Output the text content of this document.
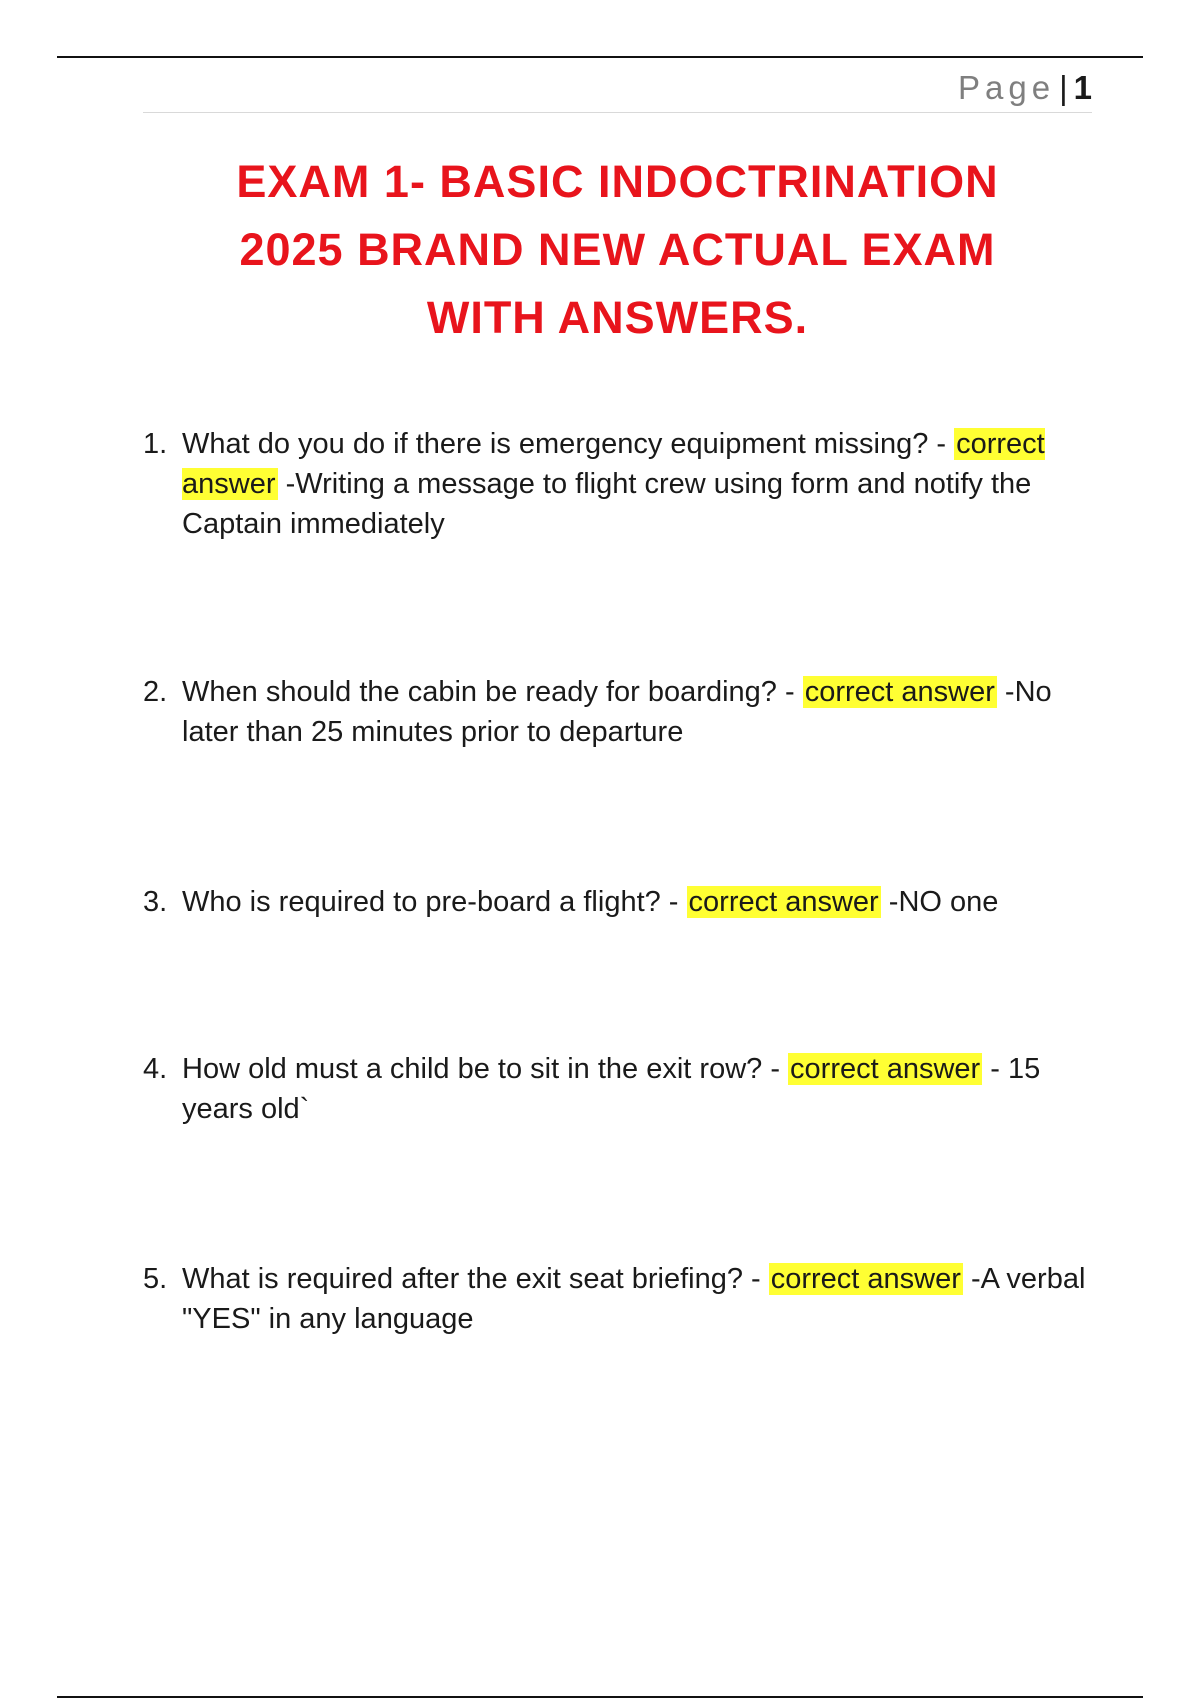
Page | 1
EXAM 1- BASIC INDOCTRINATION
2025 BRAND NEW ACTUAL EXAM
WITH ANSWERS.
1. What do you do if there is emergency equipment missing? - correct answer -Writing a message to flight crew using form and notify the Captain immediately
2. When should the cabin be ready for boarding? - correct answer -No later than 25 minutes prior to departure
3. Who is required to pre-board a flight? - correct answer -NO one
4. How old must a child be to sit in the exit row? - correct answer - 15 years old`
5. What is required after the exit seat briefing? - correct answer -A verbal "YES" in any language
